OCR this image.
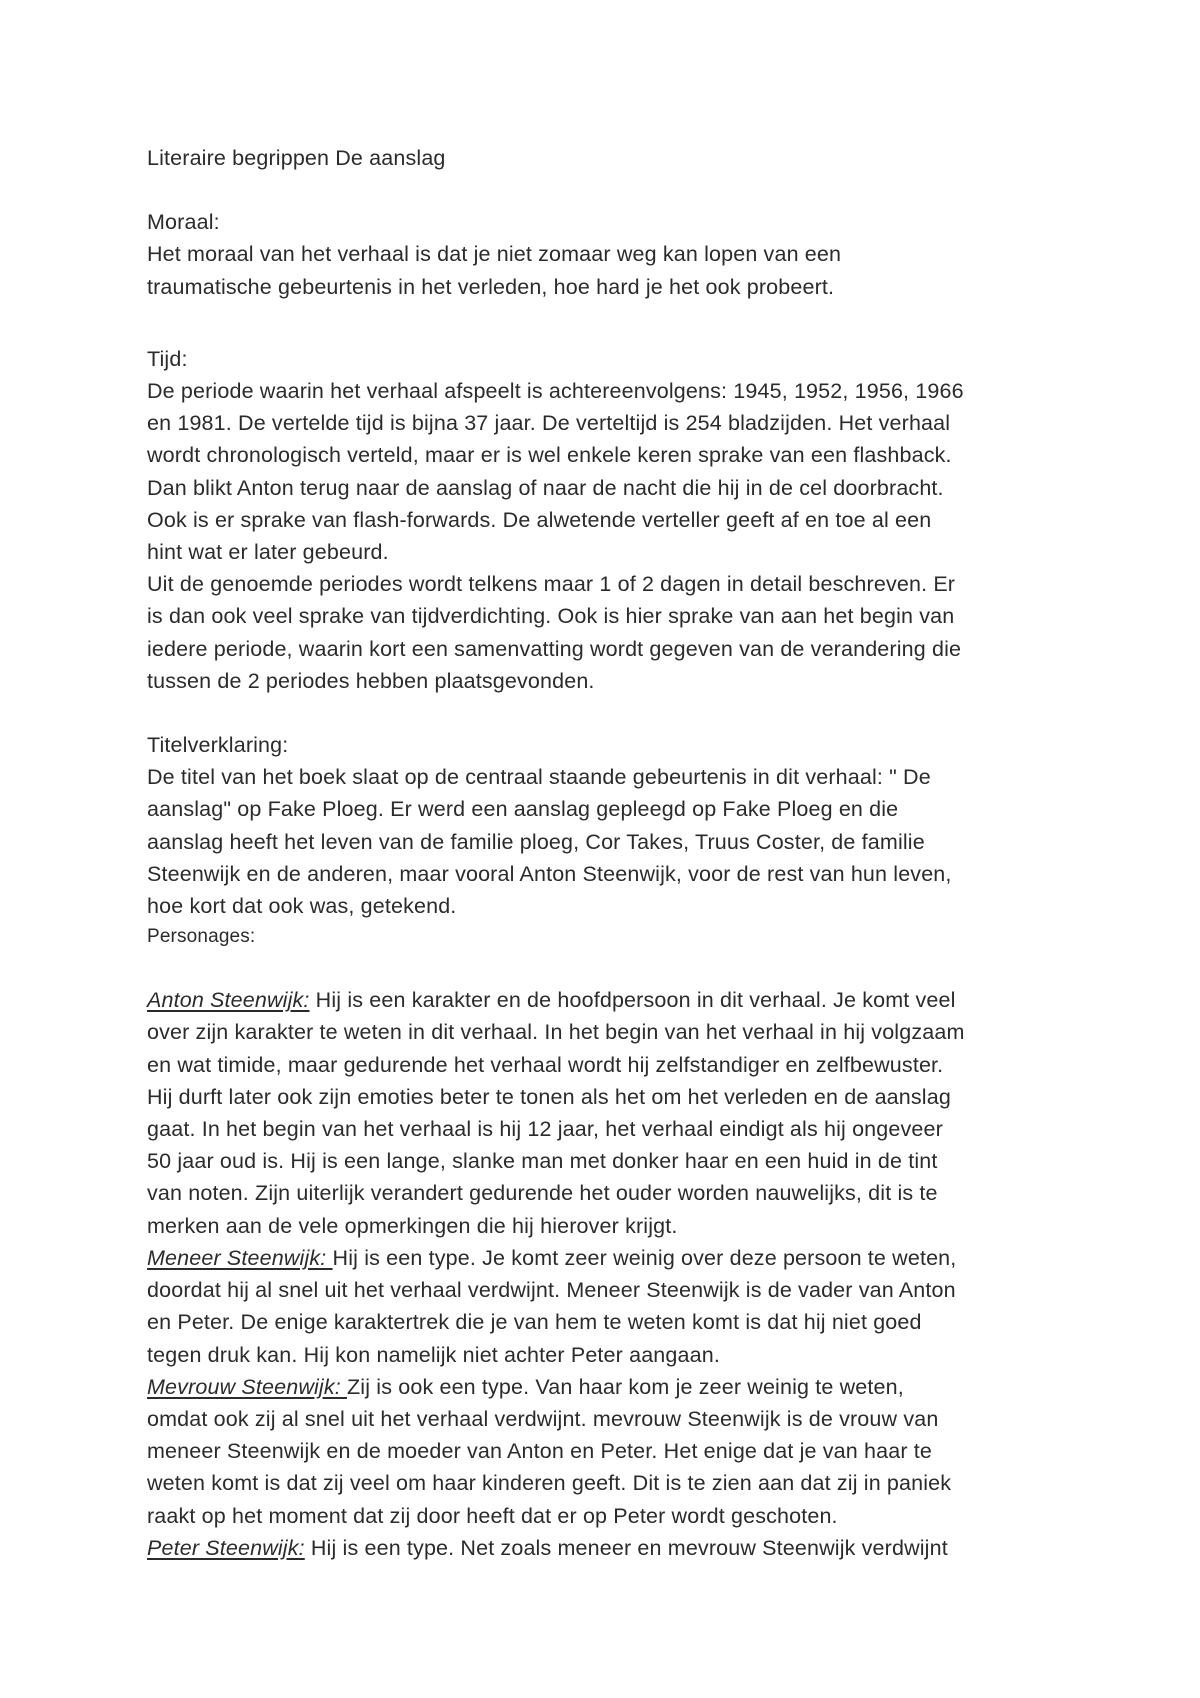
Literaire begrippen De aanslag
Moraal:
Het moraal van het verhaal is dat je niet zomaar weg kan lopen van een
traumatische gebeurtenis in het verleden, hoe hard je het ook probeert.
Tijd:
De periode waarin het verhaal afspeelt is achtereenvolgens: 1945, 1952, 1956, 1966
en 1981. De vertelde tijd is bijna 37 jaar. De verteltijd is 254 bladzijden. Het verhaal
wordt chronologisch verteld, maar er is wel enkele keren sprake van een flashback.
Dan blikt Anton terug naar de aanslag of naar de nacht die hij in de cel doorbracht.
Ook is er sprake van flash-forwards. De alwetende verteller geeft af en toe al een
hint wat er later gebeurd.
Uit de genoemde periodes wordt telkens maar 1 of 2 dagen in detail beschreven. Er
is dan ook veel sprake van tijdverdichting. Ook is hier sprake van aan het begin van
iedere periode, waarin kort een samenvatting wordt gegeven van de verandering die
tussen de 2 periodes hebben plaatsgevonden.
Titelverklaring:
De titel van het boek slaat op de centraal staande gebeurtenis in dit verhaal: " De
aanslag" op Fake Ploeg. Er werd een aanslag gepleegd op Fake Ploeg en die
aanslag heeft het leven van de familie ploeg, Cor Takes, Truus Coster, de familie
Steenwijk en de anderen, maar vooral Anton Steenwijk, voor de rest van hun leven,
hoe kort dat ook was, getekend.
Personages:
Anton Steenwijk: Hij is een karakter en de hoofdpersoon in dit verhaal. Je komt veel
over zijn karakter te weten in dit verhaal. In het begin van het verhaal in hij volgzaam
en wat timide, maar gedurende het verhaal wordt hij zelfstandiger en zelfbewuster.
Hij durft later ook zijn emoties beter te tonen als het om het verleden en de aanslag
gaat. In het begin van het verhaal is hij 12 jaar, het verhaal eindigt als hij ongeveer
50 jaar oud is. Hij is een lange, slanke man met donker haar en een huid in de tint
van noten. Zijn uiterlijk verandert gedurende het ouder worden nauwelijks, dit is te
merken aan de vele opmerkingen die hij hierover krijgt.
Meneer Steenwijk: Hij is een type. Je komt zeer weinig over deze persoon te weten,
doordat hij al snel uit het verhaal verdwijnt. Meneer Steenwijk is de vader van Anton
en Peter. De enige karaktertrek die je van hem te weten komt is dat hij niet goed
tegen druk kan. Hij kon namelijk niet achter Peter aangaan.
Mevrouw Steenwijk: Zij is ook een type. Van haar kom je zeer weinig te weten,
omdat ook zij al snel uit het verhaal verdwijnt. mevrouw Steenwijk is de vrouw van
meneer Steenwijk en de moeder van Anton en Peter. Het enige dat je van haar te
weten komt is dat zij veel om haar kinderen geeft. Dit is te zien aan dat zij in paniek
raakt op het moment dat zij door heeft dat er op Peter wordt geschoten.
Peter Steenwijk: Hij is een type. Net zoals meneer en mevrouw Steenwijk verdwijnt
